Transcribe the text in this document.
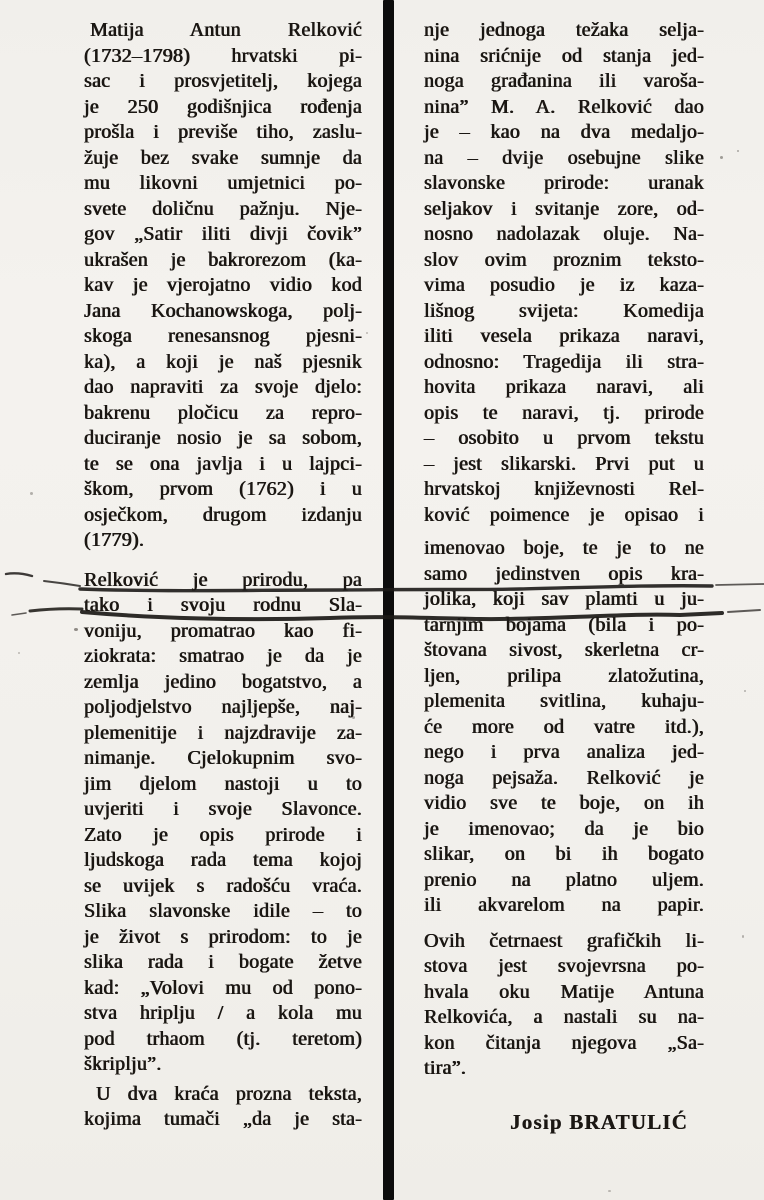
Matija Antun Relković
(1732–1798) hrvatski pi-
sac i prosvjetitelj, kojega
je 250 godišnjica rođenja
prošla i previše tiho, zaslu-
žuje bez svake sumnje da
mu likovni umjetnici po-
svete doličnu pažnju. Nje-
gov „Satir iliti divji čovik”
ukrašen je bakrorezom (ka-
kav je vjerojatno vidio kod
Jana Kochanowskoga, polj-
skoga renesansnog pjesni-
ka), a koji je naš pjesnik
dao napraviti za svoje djelo:
bakrenu pločicu za repro-
duciranje nosio je sa sobom,
te se ona javlja i u lajpci-
škom, prvom (1762) i u
osječkom, drugom izdanju
(1779).
Relković je prirodu, pa
tako i svoju rodnu Sla-
voniju, promatrao kao fi-
ziokrata: smatrao je da je
zemlja jedino bogatstvo, a
poljodjelstvo najljepše, naj-
plemenitije i najzdravije za-
nimanje. Cjelokupnim svo-
jim djelom nastoji u to
uvjeriti i svoje Slavonce.
Zato je opis prirode i
ljudskoga rada tema kojoj
se uvijek s radošću vraća.
Slika slavonske idile – to
je život s prirodom: to je
slika rada i bogate žetve
kad: „Volovi mu od pono-
stva hriplju / a kola mu
pod trhaom (tj. teretom)
škriplju”.
U dva kraća prozna teksta,
kojima tumači „da je sta-
nje jednoga težaka selja-
nina srićnije od stanja jed-
noga građanina ili varoša-
nina” M. A. Relković dao
je – kao na dva medaljo-
na – dvije osebujne slike
slavonske prirode: uranak
seljakov i svitanje zore, od-
nosno nadolazak oluje. Na-
slov ovim proznim teksto-
vima posudio je iz kaza-
lišnog svijeta: Komedija
iliti vesela prikaza naravi,
odnosno: Tragedija ili stra-
hovita prikaza naravi, ali
opis te naravi, tj. prirode
– osobito u prvom tekstu
– jest slikarski. Prvi put u
hrvatskoj književnosti Rel-
ković poimence je opisao i
imenovao boje, te je to ne
samo jedinstven opis kra-
jolika, koji sav plamti u ju-
tarnjim bojama (bila i po-
štovana sivost, skerletna cr-
ljen, prilipa zlatožutina,
plemenita svitlina, kuhaju-
će more od vatre itd.),
nego i prva analiza jed-
noga pejsaža. Relković je
vidio sve te boje, on ih
je imenovao; da je bio
slikar, on bi ih bogato
prenio na platno uljem.
ili akvarelom na papir.
Ovih četrnaest grafičkih li-
stova jest svojevrsna po-
hvala oku Matije Antuna
Relkovića, a nastali su na-
kon čitanja njegova „Sa-
tira”.
Josip BRATULIĆ
